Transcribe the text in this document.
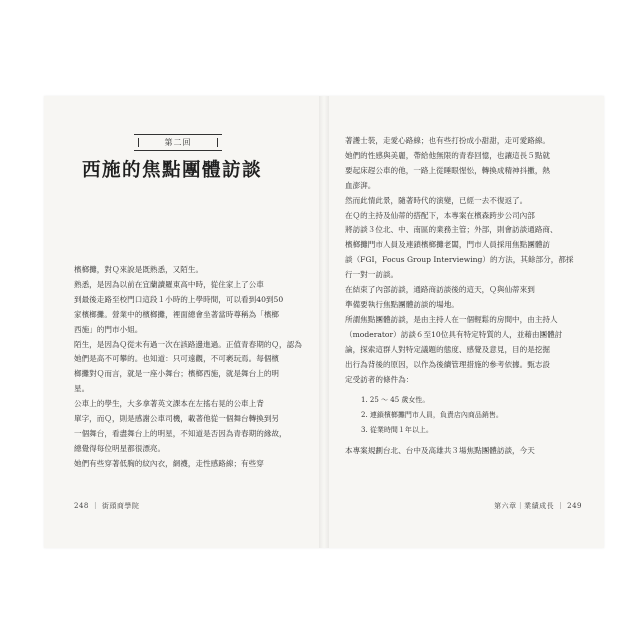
第二回
西施的焦點團體訪談

檳榔攤，對Ｑ來說是既熟悉，又陌生。

熟悉，是因為以前在宜蘭讀羅東高中時，從住家上了公車

到最後走路至校門口這段１小時的上學時間，可以看到40到50

家檳榔攤。營業中的檳榔攤，裡面總會坐著當時尊稱為「檳榔

西施」的門市小姐。

陌生，是因為Ｑ從未有過一次在該路邊進過。正值青春期的Ｑ，認為

她們是高不可攀的。也知道：只可遠觀，不可褻玩焉。每個檳

榔攤對Ｑ而言，就是一座小舞台；檳榔西施，就是舞台上的明

星。

公車上的學生，大多拿著英文課本在左搖右晃的公車上背

單字，而Ｑ，則是感謝公車司機，載著他從一個舞台轉換到另

一個舞台，看盡舞台上的明星，不知道是否因為青春期的緣故，

總覺得每位明星都很漂亮。

她們有些穿著低胸的紋內衣，網襪，走性感路線；有些穿

248 ｜ 街頭商學院

著護士裝，走愛心路線；也有些打扮成小甜甜，走可愛路線。

她們的性感與美麗，帶給他無限的青春回憶，也讓這長５點就

要起床趕公車的他，一路上從睡眼惺忪，轉換成精神抖擻，熱

血澎湃。

然而此情此景，隨著時代的演變，已經一去不復返了。

在Ｑ的主持及仙蒂的搭配下，本專案在檳森跨步公司內部

將訪談３位北、中、南區的業務主管；外部，則會訪談通路商、

檳榔攤門市人員及連鎖檳榔攤老闆，門市人員採用焦點團體訪

談（FGI，Focus Group Interviewing）的方法，其餘部分，都採

行一對一訪談。

在結束了內部訪談，通路商訪談後的這天，Ｑ與仙蒂來到

準備要執行焦點團體訪談的場地。

所謂焦點團體訪談，是由主持人在一個輕鬆的房間中，由主持人

（moderator）訪談６至10位具有特定特質的人，並藉由團體討

論，探索這群人對特定議題的態度、感覺及意見，目的是挖掘

出行為背後的原因，以作為後續管理措施的參考依據。甄志設

定受訪者的條件為：

1. 25 ～ 45 歲女性。
2. 連鎖檳榔攤門市人員，負責店內商品銷售。
3. 從業時間１年以上。

本專案規劃台北、台中及高雄共３場焦點團體訪談，今天

第六章｜業績成長 ｜ 249
